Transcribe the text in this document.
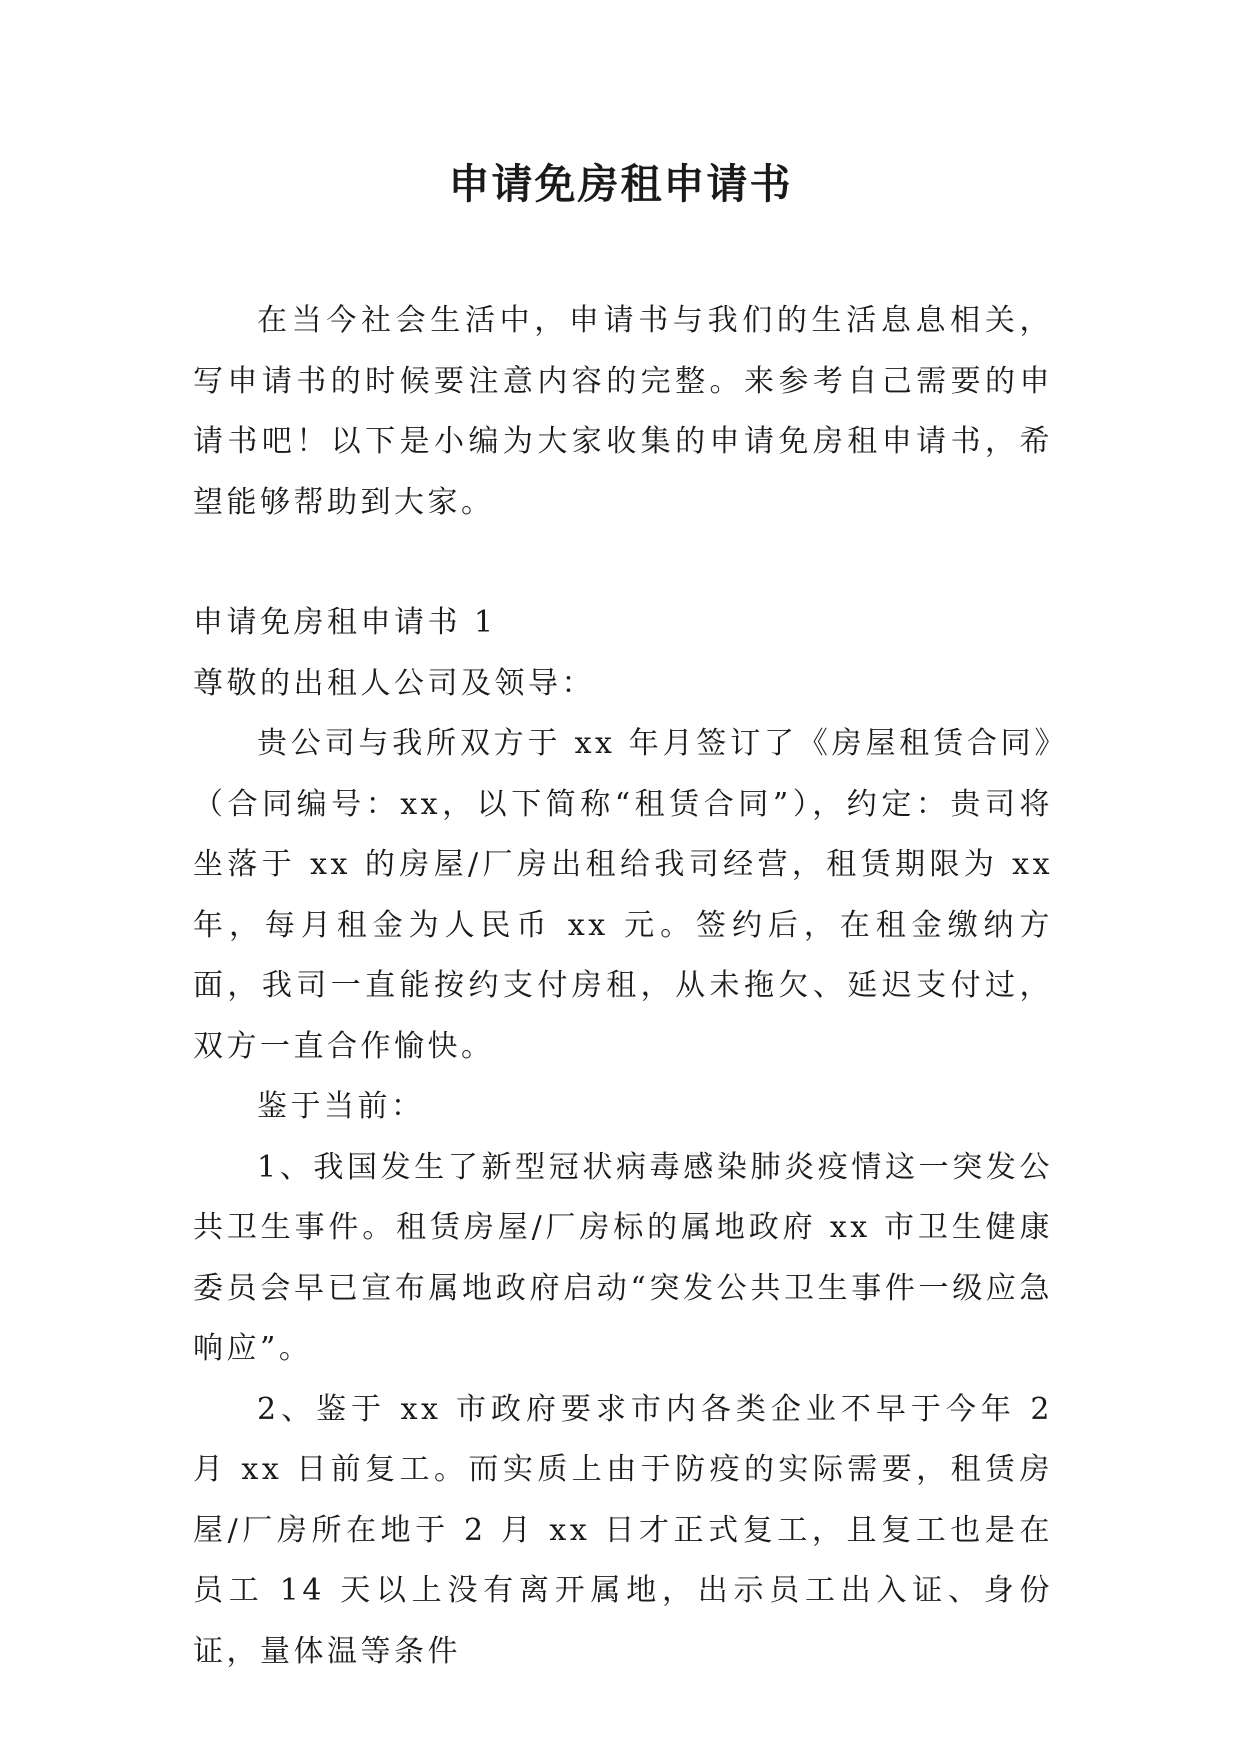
申请免房租申请书

在当今社会生活中，申请书与我们的生活息息相关，写申请书的时候要注意内容的完整。来参考自己需要的申请书吧！以下是小编为大家收集的申请免房租申请书，希望能够帮助到大家。

申请免房租申请书 1

尊敬的出租人公司及领导：

贵公司与我所双方于 xx 年月签订了《房屋租赁合同》（合同编号：xx，以下简称“租赁合同”），约定：贵司将坐落于 xx 的房屋/厂房出租给我司经营，租赁期限为 xx 年，每月租金为人民币 xx 元。签约后，在租金缴纳方面，我司一直能按约支付房租，从未拖欠、延迟支付过，双方一直合作愉快。

鉴于当前：

1、我国发生了新型冠状病毒感染肺炎疫情这一突发公共卫生事件。租赁房屋/厂房标的属地政府 xx 市卫生健康委员会早已宣布属地政府启动“突发公共卫生事件一级应急响应”。

2、鉴于 xx 市政府要求市内各类企业不早于今年 2 月 xx 日前复工。而实质上由于防疫的实际需要，租赁房屋/厂房所在地于 2 月 xx 日才正式复工，且复工也是在员工 14 天以上没有离开属地，出示员工出入证、身份证，量体温等条件
